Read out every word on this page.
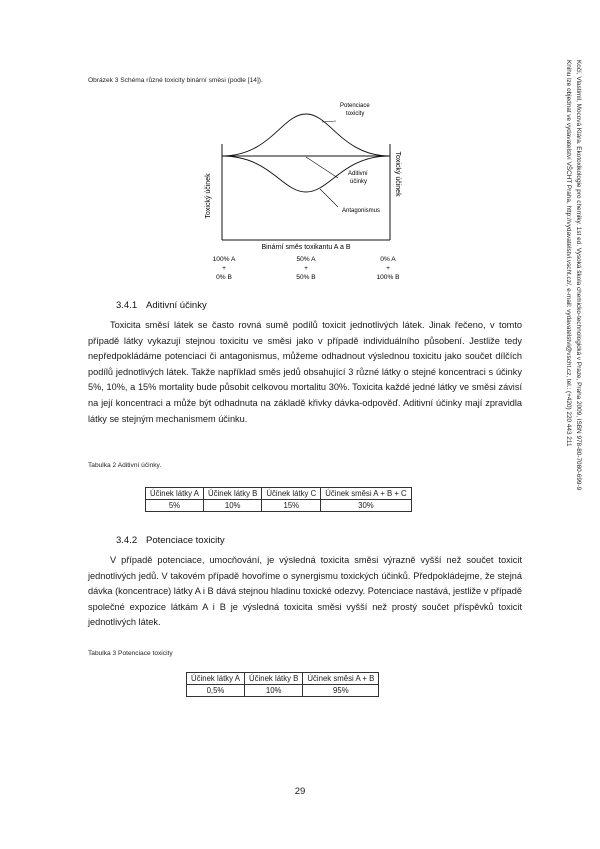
Obrázek 3 Schéma různé toxicity binární směsi (podle [14]).
Potenciace
toxicity
Aditivní
účinky
Antagonismus
Toxický účinek	Toxický účinek
Binární směs toxikantu A a B
100% A
+
0% B
50% A
+
50% B
0% A
+
100% B	Kočí, Vlastimil, Mocová Klára. Ekotoxikologie pro chemiky. 1st ed. Vysoká škola chemicko-technologická v Praze, Praha 2009, ISBN 978-80-7080-699-9
Knihu lze objednat ve vydavatelství VŠCHT Praha, http://vydavatelstvi.vscht.cz/, e-mail: vydavatelstvi@vscht.cz, tel.: (+420) 220 443 211
3.4.1 Aditivní účinky

Toxicita směsí látek se často rovná sumě podílů toxicit jednotlivých látek. Jinak řečeno, v tomto případě látky vykazují stejnou toxicitu ve směsi jako v případě individuálního působení. Jestliže tedy nepředpokládáme potenciaci či antagonismus, můžeme odhadnout výslednou toxicitu jako součet dílčích podílů jednotlivých látek. Takže například směs jedů obsahující 3 různé látky o stejné koncentraci s účinky 5%, 10%, a 15% mortality bude působit celkovou mortalitu 30%. Toxicita každé jedné látky ve směsi závisí na její koncentraci a může být odhadnuta na základě křivky dávka-odpověď. Aditivní účinky mají zpravidla látky se stejným mechanismem účinku.

Tabulka 2 Aditivní účinky.
Účinek látky A	Účinek látky B	Účinek látky C	Účinek směsi A + B + C
5%	10%	15%	30%
3.4.2 Potenciace toxicity

V případě potenciace, umocňování, je výsledná toxicita směsi výrazně vyšší než součet toxicit jednotlivých jedů. V takovém případě hovoříme o synergismu toxických účinků. Předpokládejme, že stejná dávka (koncentrace) látky A i B dává stejnou hladinu toxické odezvy. Potenciace nastává, jestliže v případě společné expozice látkám A i B je výsledná toxicita směsi vyšší než prostý součet příspěvků toxicit jednotlivých látek.

Tabulka 3 Potenciace toxicity
Účinek látky A	Účinek látky B	Účinek směsi A + B
0,5%	10%	95%
29
